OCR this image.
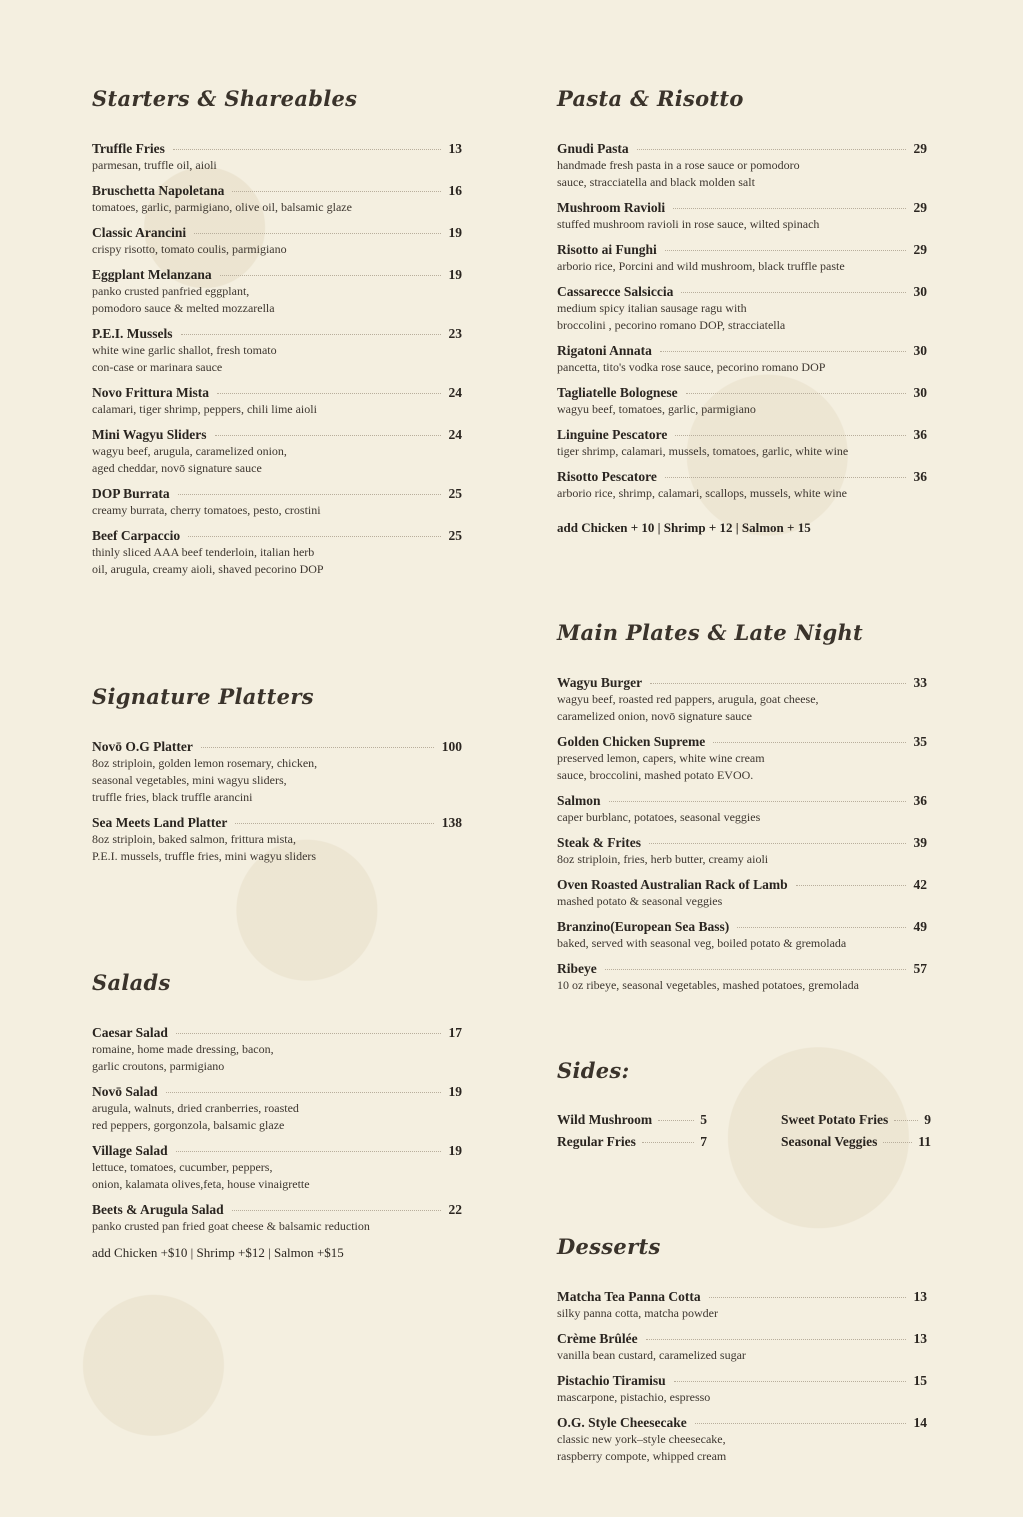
Starters & Shareables
Truffle Fries	13
parmesan, truffle oil, aioli
Bruschetta Napoletana	16
tomatoes, garlic, parmigiano, olive oil, balsamic glaze
Classic Arancini	19
crispy risotto, tomato coulis, parmigiano
Eggplant Melanzana	19
panko crusted panfried eggplant,
pomodoro sauce & melted mozzarella
P.E.I. Mussels	23
white wine garlic shallot, fresh tomato
con-case or marinara sauce
Novo Frittura Mista	24
calamari, tiger shrimp, peppers, chili lime aioli
Mini Wagyu Sliders	24
wagyu beef, arugula, caramelized onion,
aged cheddar, novō signature sauce
DOP Burrata	25
creamy burrata, cherry tomatoes, pesto, crostini
Beef Carpaccio	25
thinly sliced AAA beef tenderloin, italian herb
oil, arugula, creamy aioli, shaved pecorino DOP
Signature Platters
Novō O.G Platter	100
8oz striploin, golden lemon rosemary, chicken,
seasonal vegetables, mini wagyu sliders,
truffle fries, black truffle arancini
Sea Meets Land Platter	138
8oz striploin, baked salmon, frittura mista,
P.E.I. mussels, truffle fries, mini wagyu sliders
Salads
Caesar Salad	17
romaine, home made dressing, bacon,
garlic croutons, parmigiano
Novō Salad	19
arugula, walnuts, dried cranberries, roasted
red peppers, gorgonzola, balsamic glaze
Village Salad	19
lettuce, tomatoes, cucumber, peppers,
onion, kalamata olives,feta, house vinaigrette
Beets & Arugula Salad	22
panko crusted pan fried goat cheese & balsamic reduction

add Chicken +$10 | Shrimp +$12 | Salmon +$15

Pasta & Risotto
Gnudi Pasta	29
handmade fresh pasta in a rose sauce or pomodoro
sauce, stracciatella and black molden salt
Mushroom Ravioli	29
stuffed mushroom ravioli in rose sauce, wilted spinach
Risotto ai Funghi	29
arborio rice, Porcini and wild mushroom, black truffle paste
Cassarecce Salsiccia	30
medium spicy italian sausage ragu with
broccolini , pecorino romano DOP, stracciatella
Rigatoni Annata	30
pancetta, tito's vodka rose sauce, pecorino romano DOP
Tagliatelle Bolognese	30
wagyu beef, tomatoes, garlic, parmigiano
Linguine Pescatore	36
tiger shrimp, calamari, mussels, tomatoes, garlic, white wine
Risotto Pescatore	36
arborio rice, shrimp, calamari, scallops, mussels, white wine

add Chicken + 10 | Shrimp + 12 | Salmon + 15

Main Plates & Late Night
Wagyu Burger	33
wagyu beef, roasted red pappers, arugula, goat cheese,
caramelized onion, novō signature sauce
Golden Chicken Supreme	35
preserved lemon, capers, white wine cream
sauce, broccolini, mashed potato EVOO.
Salmon	36
caper burblanc, potatoes, seasonal veggies
Steak & Frites	39
8oz striploin, fries, herb butter, creamy aioli
Oven Roasted Australian Rack of Lamb	42
mashed potato & seasonal veggies
Branzino(European Sea Bass)	49
baked, served with seasonal veg, boiled potato & gremolada
Ribeye	57
10 oz ribeye, seasonal vegetables, mashed potatoes, gremolada
Sides:
Wild Mushroom	5	Sweet Potato Fries	9
Regular Fries	7	Seasonal Veggies	11
Desserts
Matcha Tea Panna Cotta	13
silky panna cotta, matcha powder
Crème Brûlée	13
vanilla bean custard, caramelized sugar
Pistachio Tiramisu	15
mascarpone, pistachio, espresso
O.G. Style Cheesecake	14
classic new york–style cheesecake,
raspberry compote, whipped cream
